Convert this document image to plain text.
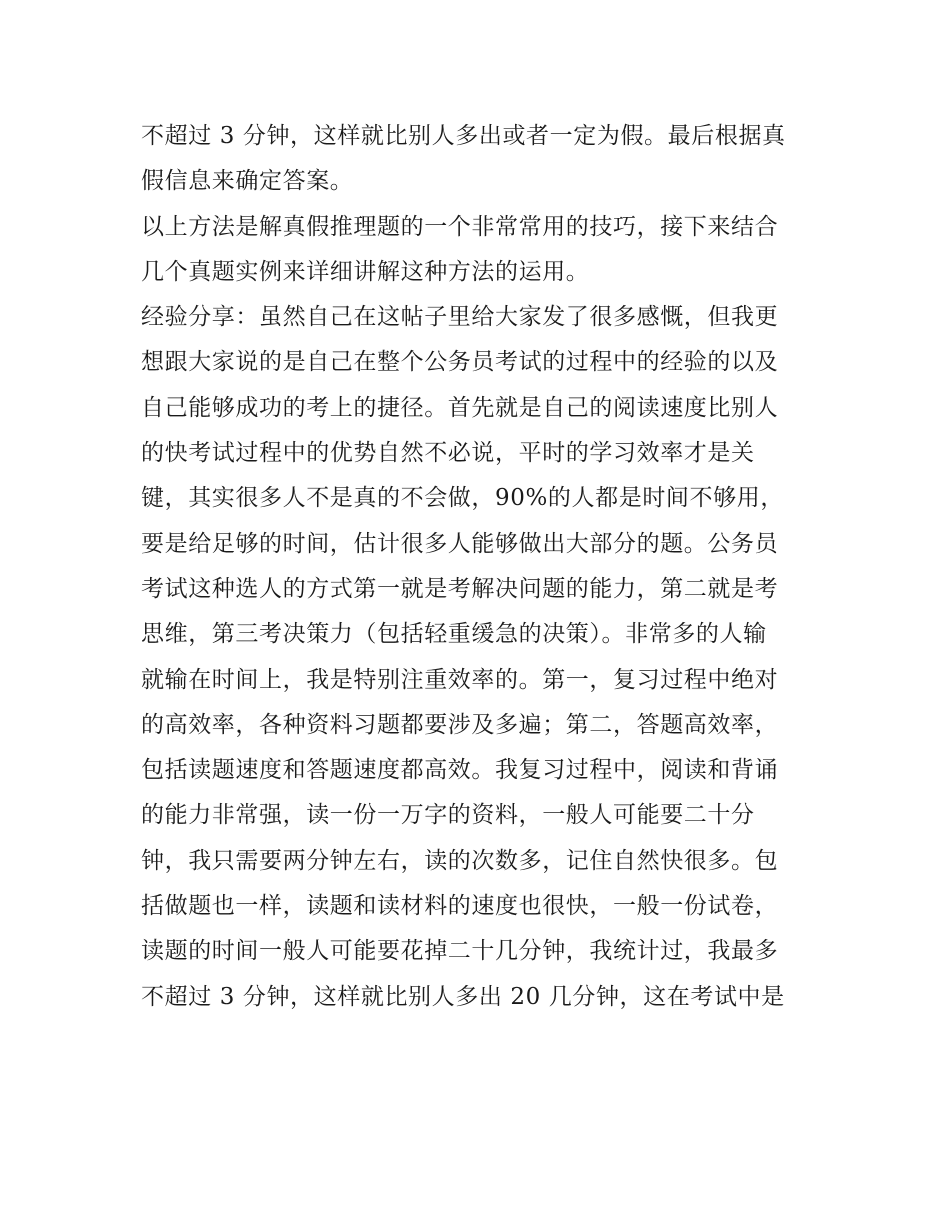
不超过 3 分钟，这样就比别人多出或者一定为假。最后根据真
假信息来确定答案。
以上方法是解真假推理题的一个非常常用的技巧，接下来结合
几个真题实例来详细讲解这种方法的运用。
经验分享：虽然自己在这帖子里给大家发了很多感慨，但我更
想跟大家说的是自己在整个公务员考试的过程中的经验的以及
自己能够成功的考上的捷径。首先就是自己的阅读速度比别人
的快考试过程中的优势自然不必说，平时的学习效率才是关
键，其实很多人不是真的不会做，90%的人都是时间不够用，
要是给足够的时间，估计很多人能够做出大部分的题。公务员
考试这种选人的方式第一就是考解决问题的能力，第二就是考
思维，第三考决策力（包括轻重缓急的决策）。非常多的人输
就输在时间上，我是特别注重效率的。第一，复习过程中绝对
的高效率，各种资料习题都要涉及多遍；第二，答题高效率，
包括读题速度和答题速度都高效。我复习过程中，阅读和背诵
的能力非常强，读一份一万字的资料，一般人可能要二十分
钟，我只需要两分钟左右，读的次数多，记住自然快很多。包
括做题也一样，读题和读材料的速度也很快，一般一份试卷，
读题的时间一般人可能要花掉二十几分钟，我统计过，我最多
不超过 3 分钟，这样就比别人多出 20 几分钟，这在考试中是
